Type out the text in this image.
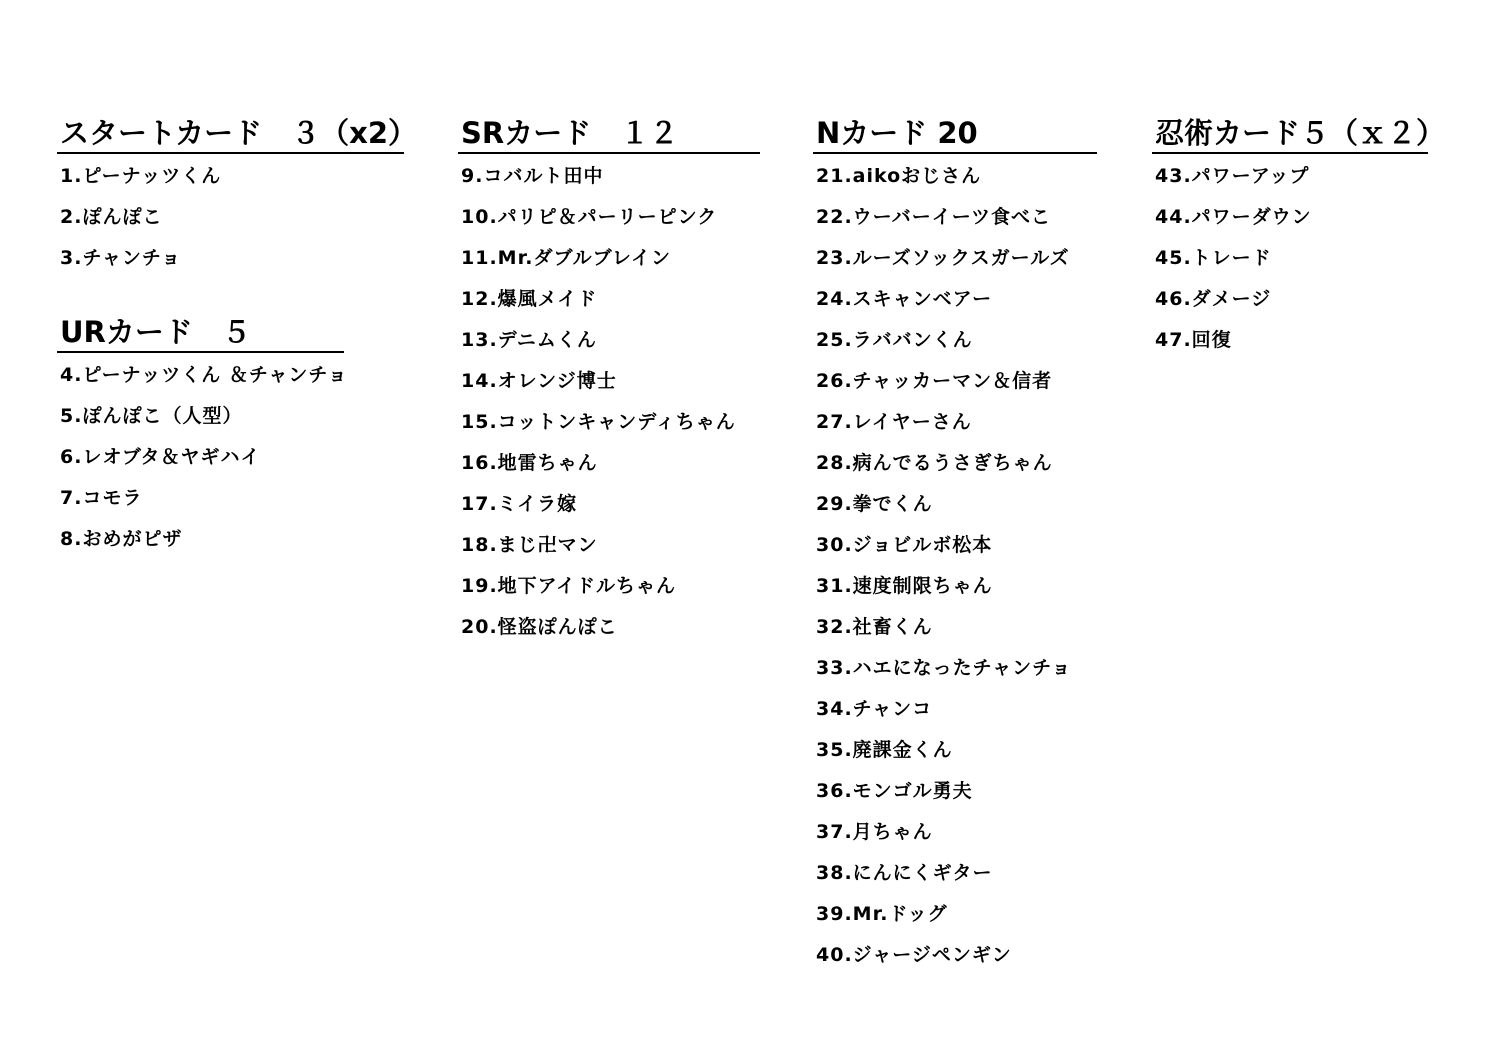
スタートカード　３（x2）
1.ピーナッツくん
2.ぽんぽこ
3.チャンチョ
URカード　５
4.ピーナッツくん ＆チャンチョ
5.ぽんぽこ（人型）
6.レオブタ＆ヤギハイ
7.コモラ
8.おめがピザ
SRカード　１２
9.コバルト田中
10.パリピ＆パーリーピンク
11.Mr.ダブルブレイン
12.爆風メイド
13.デニムくん
14.オレンジ博士
15.コットンキャンディちゃん
16.地雷ちゃん
17.ミイラ嫁
18.まじ卍マン
19.地下アイドルちゃん
20.怪盗ぽんぽこ
Nカード 20
21.aikoおじさん
22.ウーバーイーツ食べこ
23.ルーズソックスガールズ
24.スキャンベアー
25.ラババンくん
26.チャッカーマン＆信者
27.レイヤーさん
28.病んでるうさぎちゃん
29.拳でくん
30.ジョビルボ松本
31.速度制限ちゃん
32.社畜くん
33.ハエになったチャンチョ
34.チャンコ
35.廃課金くん
36.モンゴル勇夫
37.月ちゃん
38.にんにくギター
39.Mr.ドッグ
40.ジャージペンギン
忍術カード５（ｘ２）
43.パワーアップ
44.パワーダウン
45.トレード
46.ダメージ
47.回復
